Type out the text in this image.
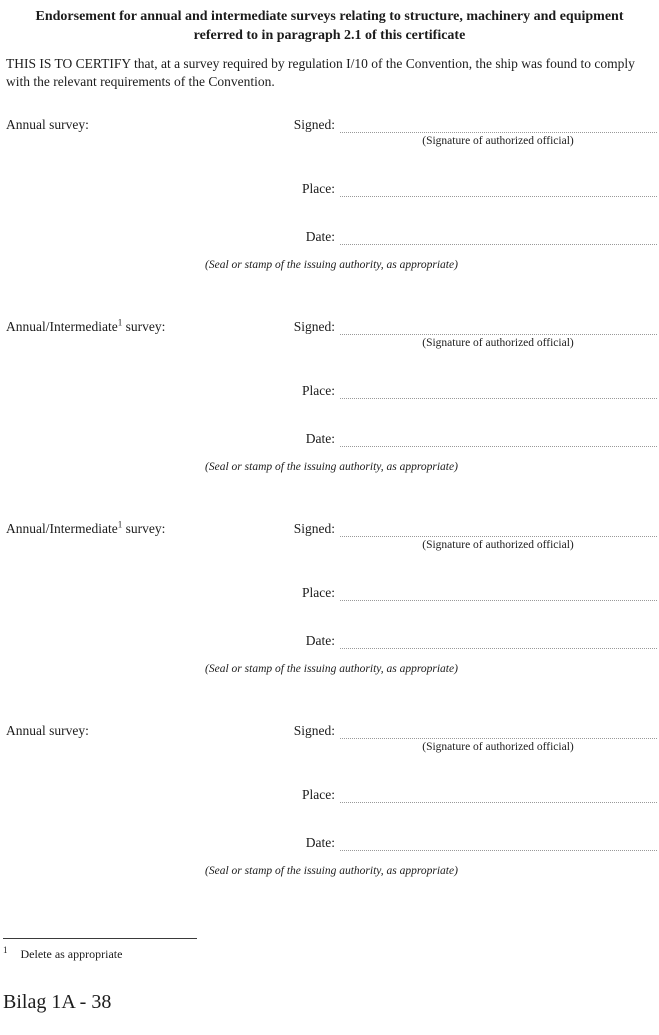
Endorsement for annual and intermediate surveys relating to structure, machinery and equipment referred to in paragraph 2.1 of this certificate

THIS IS TO CERTIFY that, at a survey required by regulation I/10 of the Convention, the ship was found to comply with the relevant requirements of the Convention.

Annual survey:	Signed:
(Signature of authorized official)
Place:
Date:
(Seal or stamp of the issuing authority, as appropriate)
Annual/Intermediate$^1$ survey:	Signed:
(Signature of authorized official)
Place:
Date:
(Seal or stamp of the issuing authority, as appropriate)
Annual/Intermediate$^1$ survey:	Signed:
(Signature of authorized official)
Place:
Date:
(Seal or stamp of the issuing authority, as appropriate)
Annual survey:	Signed:
(Signature of authorized official)
Place:
Date:
(Seal or stamp of the issuing authority, as appropriate)
$^1$ Delete as appropriate
Bilag 1A - 38
